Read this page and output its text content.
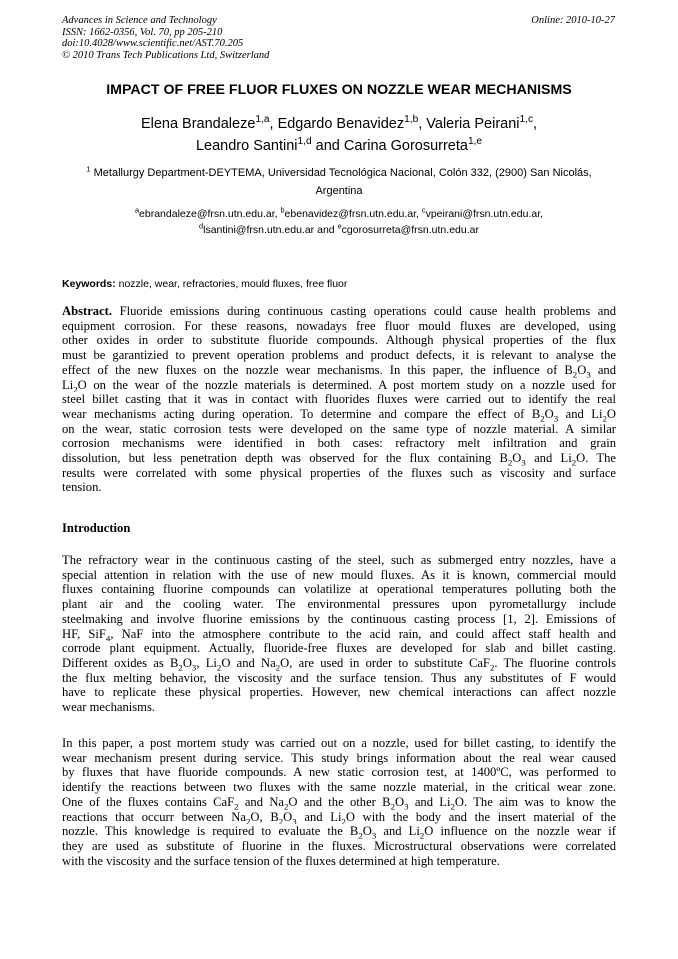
Advances in Science and Technology
ISSN: 1662-0356, Vol. 70, pp 205-210
doi:10.4028/www.scientific.net/AST.70.205
© 2010 Trans Tech Publications Ltd, Switzerland
Online: 2010-10-27
IMPACT OF FREE FLUOR FLUXES ON NOZZLE WEAR MECHANISMS
Elena Brandaleze$^{1,a}$, Edgardo Benavidez$^{1,b}$, Valeria Peirani$^{1,c}$,
Leandro Santini$^{1,d}$ and Carina Gorosurreta$^{1,e}$
$^1$ Metallurgy Department-DEYTEMA, Universidad Tecnológica Nacional, Colón 332, (2900) San Nicolás,
Argentina
$^a$ebrandaleze@frsn.utn.edu.ar, $^b$ebenavidez@frsn.utn.edu.ar, $^c$vpeirani@frsn.utn.edu.ar,
$^d$lsantini@frsn.utn.edu.ar and $^e$cgorosurreta@frsn.utn.edu.ar
Keywords: nozzle, wear, refractories, mould fluxes, free fluor
Abstract. Fluoride emissions during continuous casting operations could cause health problems and
equipment corrosion. For these reasons, nowadays free fluor mould fluxes are developed, using
other oxides in order to substitute fluoride compounds. Although physical properties of the flux
must be garantizied to prevent operation problems and product defects, it is relevant to analyse the
effect of the new fluxes on the nozzle wear mechanisms. In this paper, the influence of $B_2O_3$ and
$Li_2O$ on the wear of the nozzle materials is determined. A post mortem study on a nozzle used for
steel billet casting that it was in contact with fluorides fluxes were carried out to identify the real
wear mechanisms acting during operation. To determine and compare the effect of $B_2O_3$ and $Li_2O$
on the wear, static corrosion tests were developed on the same type of nozzle material. A similar
corrosion mechanisms were identified in both cases: refractory melt infiltration and grain
dissolution, but less penetration depth was observed for the flux containing $B_2O_3$ and $Li_2O$. The
results were correlated with some physical properties of the fluxes such as viscosity and surface
tension.
Introduction
The refractory wear in the continuous casting of the steel, such as submerged entry nozzles, have a
special attention in relation with the use of new mould fluxes. As it is known, commercial mould
fluxes containing fluorine compounds can volatilize at operational temperatures polluting both the
plant air and the cooling water. The environmental pressures upon pyrometallurgy include
steelmaking and involve fluorine emissions by the continuous casting process [1, 2]. Emissions of
HF, SiF$_4$, NaF into the atmosphere contribute to the acid rain, and could affect staff health and
corrode plant equipment. Actually, fluoride-free fluxes are developed for slab and billet casting.
Different oxides as $B_2O_3$, $Li_2O$ and $Na_2O$, are used in order to substitute CaF$_2$. The fluorine controls
the flux melting behavior, the viscosity and the surface tension. Thus any substitutes of F would
have to replicate these physical properties. However, new chemical interactions can affect nozzle
wear mechanisms.
In this paper, a post mortem study was carried out on a nozzle, used for billet casting, to identify the
wear mechanism present during service. This study brings information about the real wear caused
by fluxes that have fluoride compounds. A new static corrosion test, at 1400ºC, was performed to
identify the reactions between two fluxes with the same nozzle material, in the critical wear zone.
One of the fluxes contains CaF$_2$ and $Na_2O$ and the other $B_2O_3$ and $Li_2O$. The aim was to know the
reactions that occurr between $Na_2O$, $B_2O_3$ and $Li_2O$ with the body and the insert material of the
nozzle. This knowledge is required to evaluate the $B_2O_3$ and $Li_2O$ influence on the nozzle wear if
they are used as substitute of fluorine in the fluxes. Microstructural observations were correlated
with the viscosity and the surface tension of the fluxes determined at high temperature.
